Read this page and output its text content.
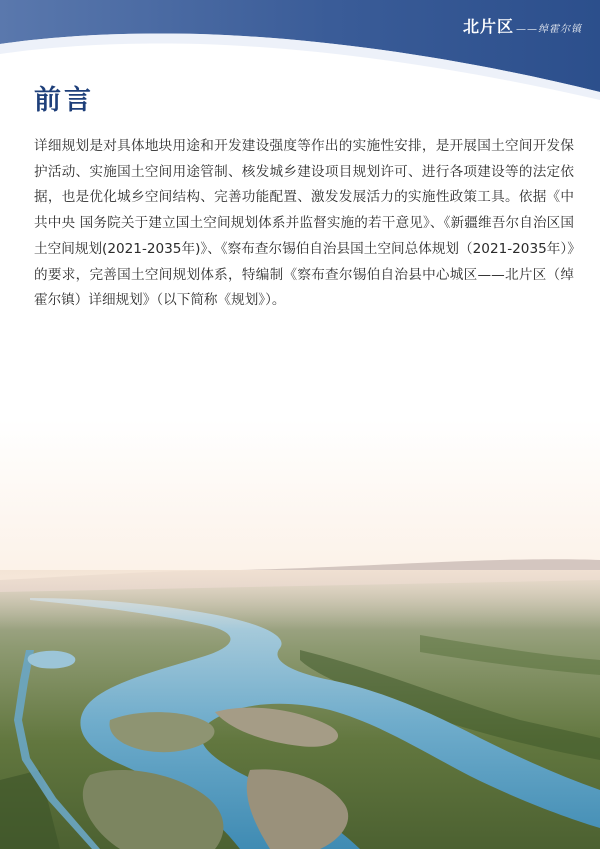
北片区 ——绰霍尔镇
前言
详细规划是对具体地块用途和开发建设强度等作出的实施性安排，是开展国土空间开发保护活动、实施国土空间用途管制、核发城乡建设项目规划许可、进行各项建设等的法定依据，也是优化城乡空间结构、完善功能配置、激发发展活力的实施性政策工具。依据《中共中央 国务院关于建立国土空间规划体系并监督实施的若干意见》、《新疆维吾尔自治区国土空间规划(2021-2035年)》、《察布查尔锡伯自治县国土空间总体规划（2021-2035年）》的要求，完善国土空间规划体系，特编制《察布查尔锡伯自治县中心城区——北片区（绰霍尔镇）详细规划》（以下简称《规划》）。
